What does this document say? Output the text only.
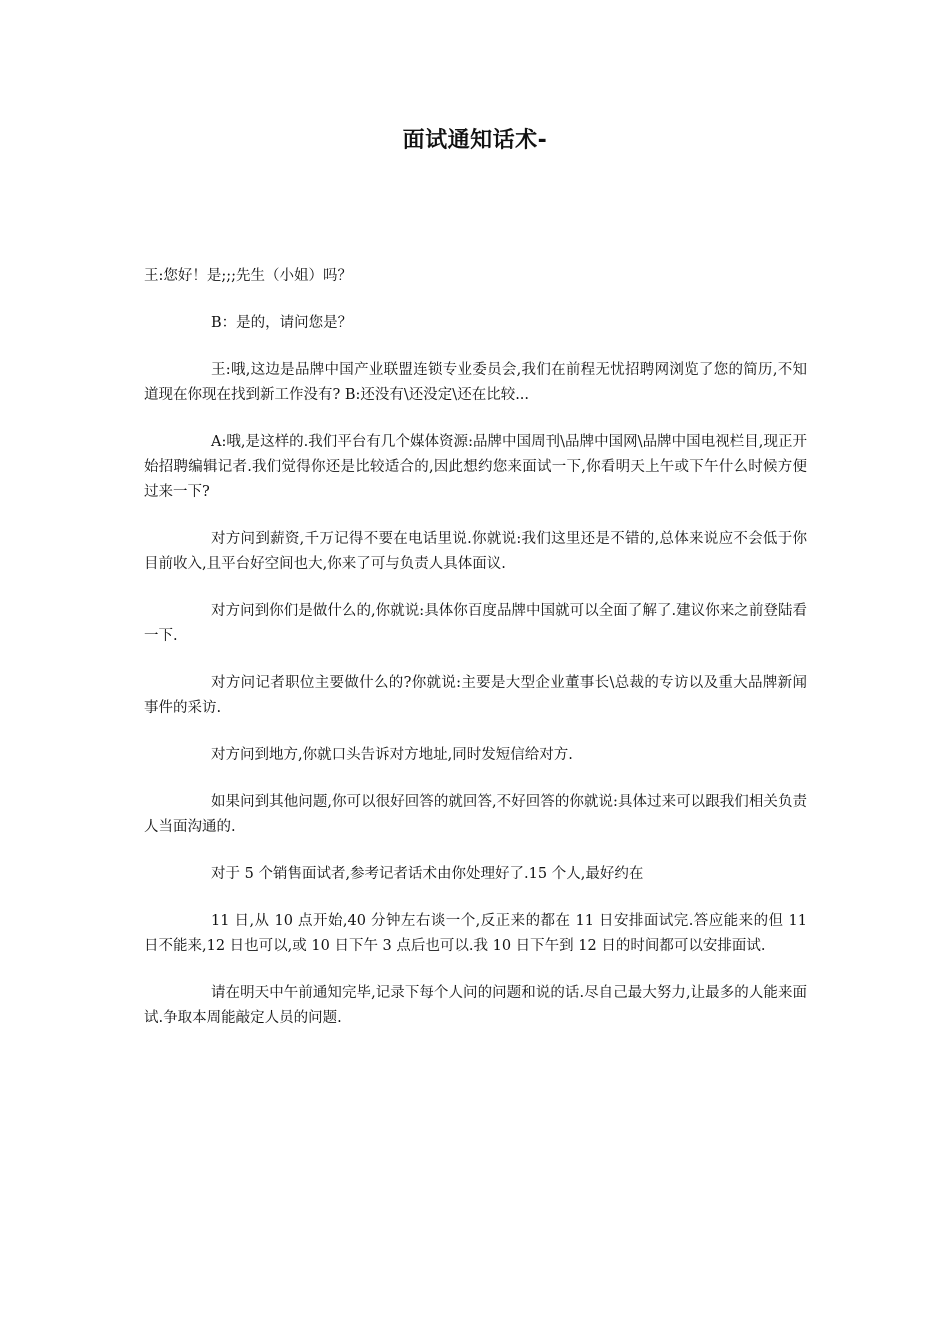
面试通知话术-

王:您好！是;;;先生（小姐）吗？

B：是的，请问您是？

王:哦,这边是品牌中国产业联盟连锁专业委员会,我们在前程无忧招聘网浏览了您的简历,不知道现在你现在找到新工作没有? B:还没有\还没定\还在比较...

A:哦,是这样的.我们平台有几个媒体资源:品牌中国周刊\品牌中国网\品牌中国电视栏目,现正开始招聘编辑记者.我们觉得你还是比较适合的,因此想约您来面试一下,你看明天上午或下午什么时候方便过来一下?

对方问到薪资,千万记得不要在电话里说.你就说:我们这里还是不错的,总体来说应不会低于你目前收入,且平台好空间也大,你来了可与负责人具体面议.

对方问到你们是做什么的,你就说:具体你百度品牌中国就可以全面了解了.建议你来之前登陆看一下.

对方问记者职位主要做什么的?你就说:主要是大型企业董事长\总裁的专访以及重大品牌新闻事件的采访.

对方问到地方,你就口头告诉对方地址,同时发短信给对方.

如果问到其他问题,你可以很好回答的就回答,不好回答的你就说:具体过来可以跟我们相关负责人当面沟通的.

对于 5 个销售面试者,参考记者话术由你处理好了.15 个人,最好约在

11 日,从 10 点开始,40 分钟左右谈一个,反正来的都在 11 日安排面试完.答应能来的但 11 日不能来,12 日也可以,或 10 日下午 3 点后也可以.我 10 日下午到 12 日的时间都可以安排面试.

请在明天中午前通知完毕,记录下每个人问的问题和说的话.尽自己最大努力,让最多的人能来面试.争取本周能敲定人员的问题.
